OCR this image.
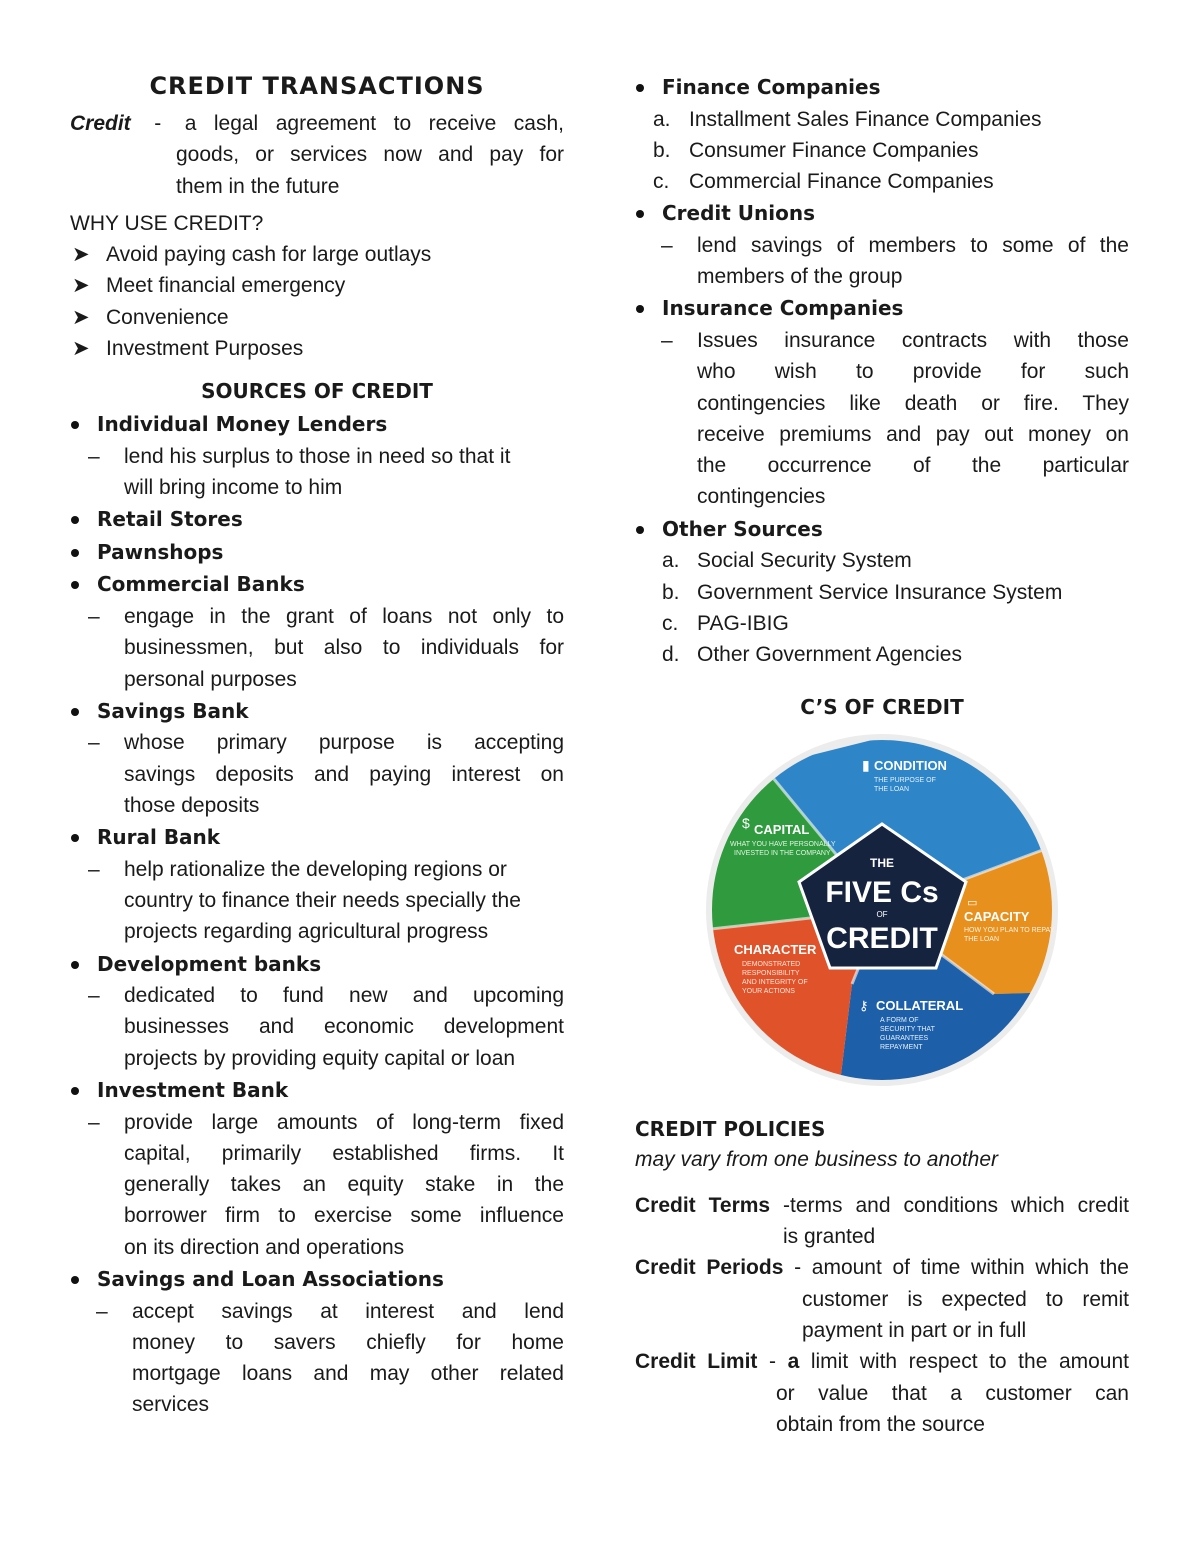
CREDIT TRANSACTIONS
Credit - a legal agreement to receive cash,
goods, or services now and pay for
them in the future
WHY USE CREDIT?
➤ Avoid paying cash for large outlays
➤ Meet financial emergency
➤ Convenience
➤ Investment Purposes
SOURCES OF CREDIT
Individual Money Lenders
– lend his surplus to those in need so that it
will bring income to him
Retail Stores
Pawnshops
Commercial Banks
– engage in the grant of loans not only to
businessmen, but also to individuals for
personal purposes
Savings Bank
– whose primary purpose is accepting
savings deposits and paying interest on
those deposits
Rural Bank
– help rationalize the developing regions or
country to finance their needs specially the
projects regarding agricultural progress
Development banks
– dedicated to fund new and upcoming
businesses and economic development
projects by providing equity capital or loan
Investment Bank
– provide large amounts of long-term fixed
capital, primarily established firms. It
generally takes an equity stake in the
borrower firm to exercise some influence
on its direction and operations
Savings and Loan Associations
– accept savings at interest and lend
money to savers chiefly for home
mortgage loans and may other related
services
Finance Companies
a. Installment Sales Finance Companies
b. Consumer Finance Companies
c. Commercial Finance Companies
Credit Unions
– lend savings of members to some of the
members of the group
Insurance Companies
– Issues insurance contracts with those
who wish to provide for such
contingencies like death or fire. They
receive premiums and pay out money on
the occurrence of the particular
contingencies
Other Sources
a. Social Security System
b. Government Service Insurance System
c. PAG-IBIG
d. Other Government Agencies
C’S OF CREDIT
THE
FIVE Cs
OF
CREDIT
▮ CONDITION
THE PURPOSE OF
THE LOAN
▭
CAPACITY
HOW YOU PLAN TO REPAY
THE LOAN
⚷ COLLATERAL
A FORM OF
SECURITY THAT
GUARANTEES
REPAYMENT
CHARACTER
DEMONSTRATED
RESPONSIBILITY
AND INTEGRITY OF
YOUR ACTIONS
$ CAPITAL
WHAT YOU HAVE PERSONALLY
INVESTED IN THE COMPANY
CREDIT POLICIES
may vary from one business to another
Credit Terms -terms and conditions which credit
is granted
Credit Periods - amount of time within which the
customer is expected to remit
payment in part or in full
Credit Limit - a limit with respect to the amount
or value that a customer can
obtain from the source
